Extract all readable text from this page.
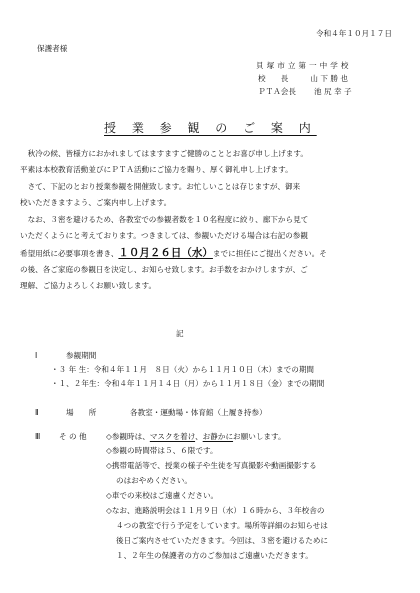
令和４年１０月１７日
保護者様
貝 塚 市 立 第 一 中 学 校
校　　長	山 下 勝 也
ＰＴＡ会長 池 尻 幸 子
授 業 参 観 の ご 案 内
　秋冷の候、皆様方におかれましてはますますご健勝のこととお喜び申し上げます。
平素は本校教育活動並びにＰＴＡ活動にご協力を賜り、厚く御礼申し上げます。
　さて、下記のとおり授業参観を開催致します。お忙しいことは存じますが、御来
校いただきますよう、ご案内申し上げます。
　なお、３密を避けるため、各教室での参観者数を１０名程度に絞り、廊下から見て
いただくようにと考えております。つきましては、参観いただける場合は右記の参観
希望用紙に必要事項を書き、１０月２６日（水）までに担任にご提出ください。そ
の後、各ご家庭の参観日を決定し、お知らせ致します。お手数をおかけしますが、ご
理解、ご協力よろしくお願い致します。
記
Ⅰ	参観期間
・３ 年 生：令和４年１１月　８日（火）から１１月１０日（木）までの期間
・１、２年生：令和４年１１月１４日（月）から１１月１８日（金）までの期間
Ⅱ	場　　所	各教室・運動場・体育館（上履き持参）
Ⅲ そ の 他	◇参観時は、マスクを着け、お静かにお願いします。
◇参観の時間帯は５、６限です。
◇携帯電話等で、授業の様子や生徒を写真撮影や動画撮影する
のはおやめください。
◇車での来校はご遠慮ください。
◇なお、進路説明会は１１月９日（水）１６時から、３年校舎の
４つの教室で行う予定をしています。場所等詳細のお知らせは
後日ご案内させていただきます。今回は、３密を避けるために
１、２年生の保護者の方のご参加はご遠慮いただきます。
